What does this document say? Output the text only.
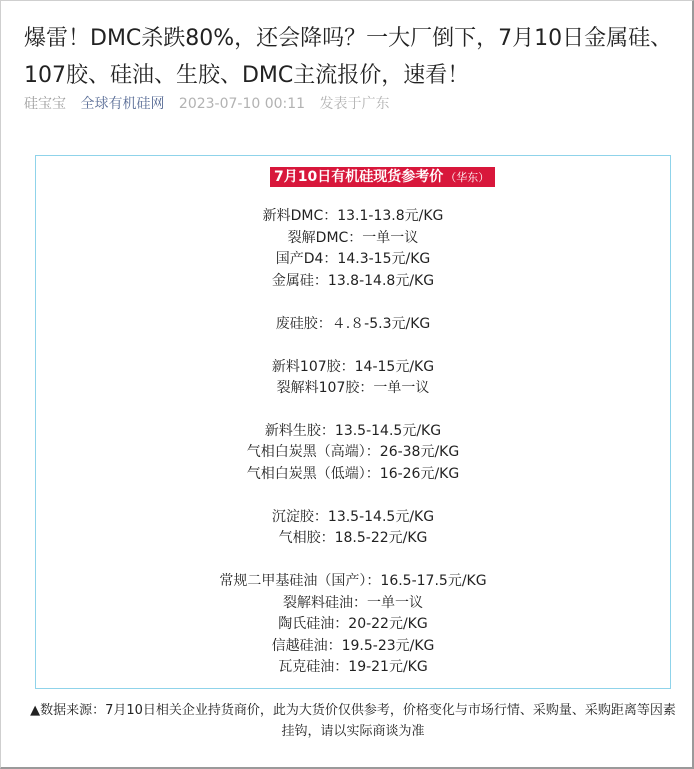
爆雷！DMC杀跌80%，还会降吗？一大厂倒下，7月10日金属硅、107胶、硅油、生胶、DMC主流报价，速看！
硅宝宝 全球有机硅网 2023-07-10 00:11 发表于广东
7月10日有机硅现货参考价 （华东）
新料DMC：13.1-13.8元/KG
裂解DMC：一单一议
国产D4：14.3-15元/KG
金属硅：13.8-14.8元/KG
废硅胶：４.８-5.3元/KG
新料107胶：14-15元/KG
裂解料107胶：一单一议
新料生胶：13.5-14.5元/KG
气相白炭黑（高端）：26-38元/KG
气相白炭黑（低端）：16-26元/KG
沉淀胶：13.5-14.5元/KG
气相胶：18.5-22元/KG
常规二甲基硅油（国产）：16.5-17.5元/KG
裂解料硅油：一单一议
陶氏硅油：20-22元/KG
信越硅油：19.5-23元/KG
瓦克硅油：19-21元/KG

▲数据来源：7月10日相关企业持货商价，此为大货价仅供参考，价格变化与市场行情、采购量、采购距离等因素挂钩，请以实际商谈为准
